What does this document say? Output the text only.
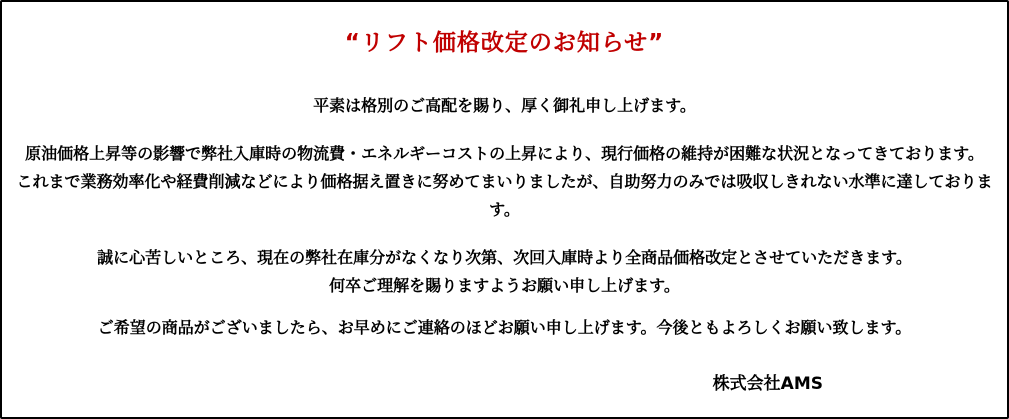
“リフト価格改定のお知らせ”

平素は格別のご高配を賜り、厚く御礼申し上げます。

原油価格上昇等の影響で弊社入庫時の物流費・エネルギーコストの上昇により、現行価格の維持が困難な状況となってきております。
これまで業務効率化や経費削減などにより価格据え置きに努めてまいりましたが、自助努力のみでは吸収しきれない水準に達しております。

誠に心苦しいところ、現在の弊社在庫分がなくなり次第、次回入庫時より全商品価格改定とさせていただきます。
何卒ご理解を賜りますようお願い申し上げます。

ご希望の商品がございましたら、お早めにご連絡のほどお願い申し上げます。今後ともよろしくお願い致します。

株式会社AMS
